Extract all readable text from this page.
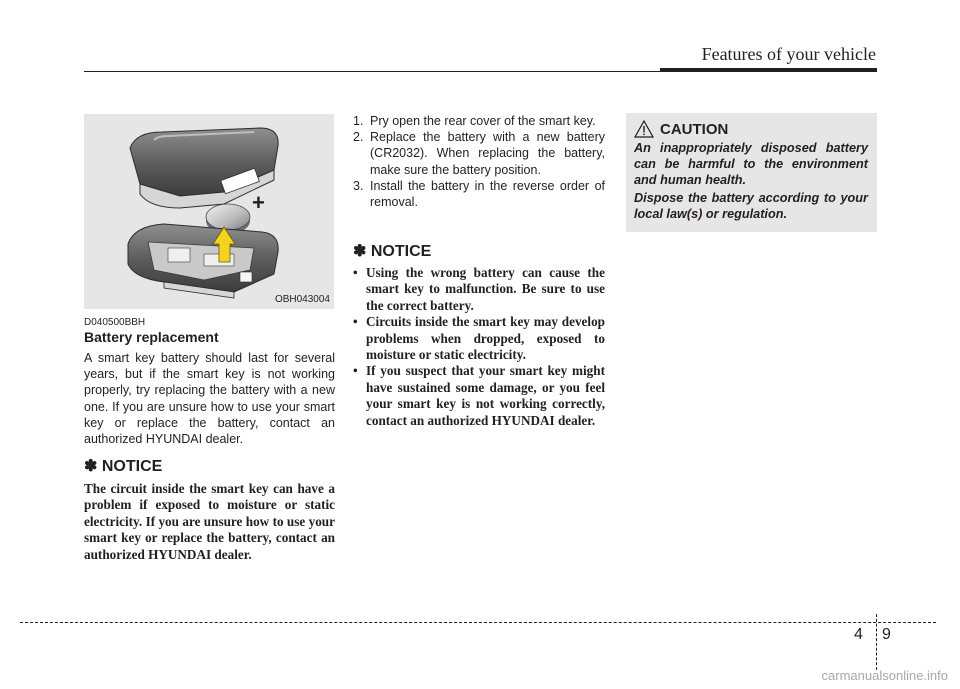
Features of your vehicle
+
OBH043004
D040500BBH
Battery replacement
A smart key battery should last for several years, but if the smart key is not working properly, try replacing the battery with a new one. If you are unsure how to use your smart key or replace the battery, contact an authorized HYUNDAI dealer.
✽ NOTICE
The circuit inside the smart key can have a problem if exposed to moisture or static electricity. If you are unsure how to use your smart key or replace the battery, contact an authorized HYUNDAI dealer.
1. Pry open the rear cover of the smart key.
2. Replace the battery with a new battery (CR2032). When replacing the battery, make sure the battery position.
3. Install the battery in the reverse order of removal.
✽ NOTICE
• Using the wrong battery can cause the smart key to malfunction. Be sure to use the correct battery.
• Circuits inside the smart key may develop problems when dropped, exposed to moisture or static electricity.
• If you suspect that your smart key might have sustained some damage, or you feel your smart key is not working correctly, contact an authorized HYUNDAI dealer.
CAUTION
An inappropriately disposed battery can be harmful to the environment and human health.
Dispose the battery according to your local law(s) or regulation.
4 9
carmanualsonline.info
